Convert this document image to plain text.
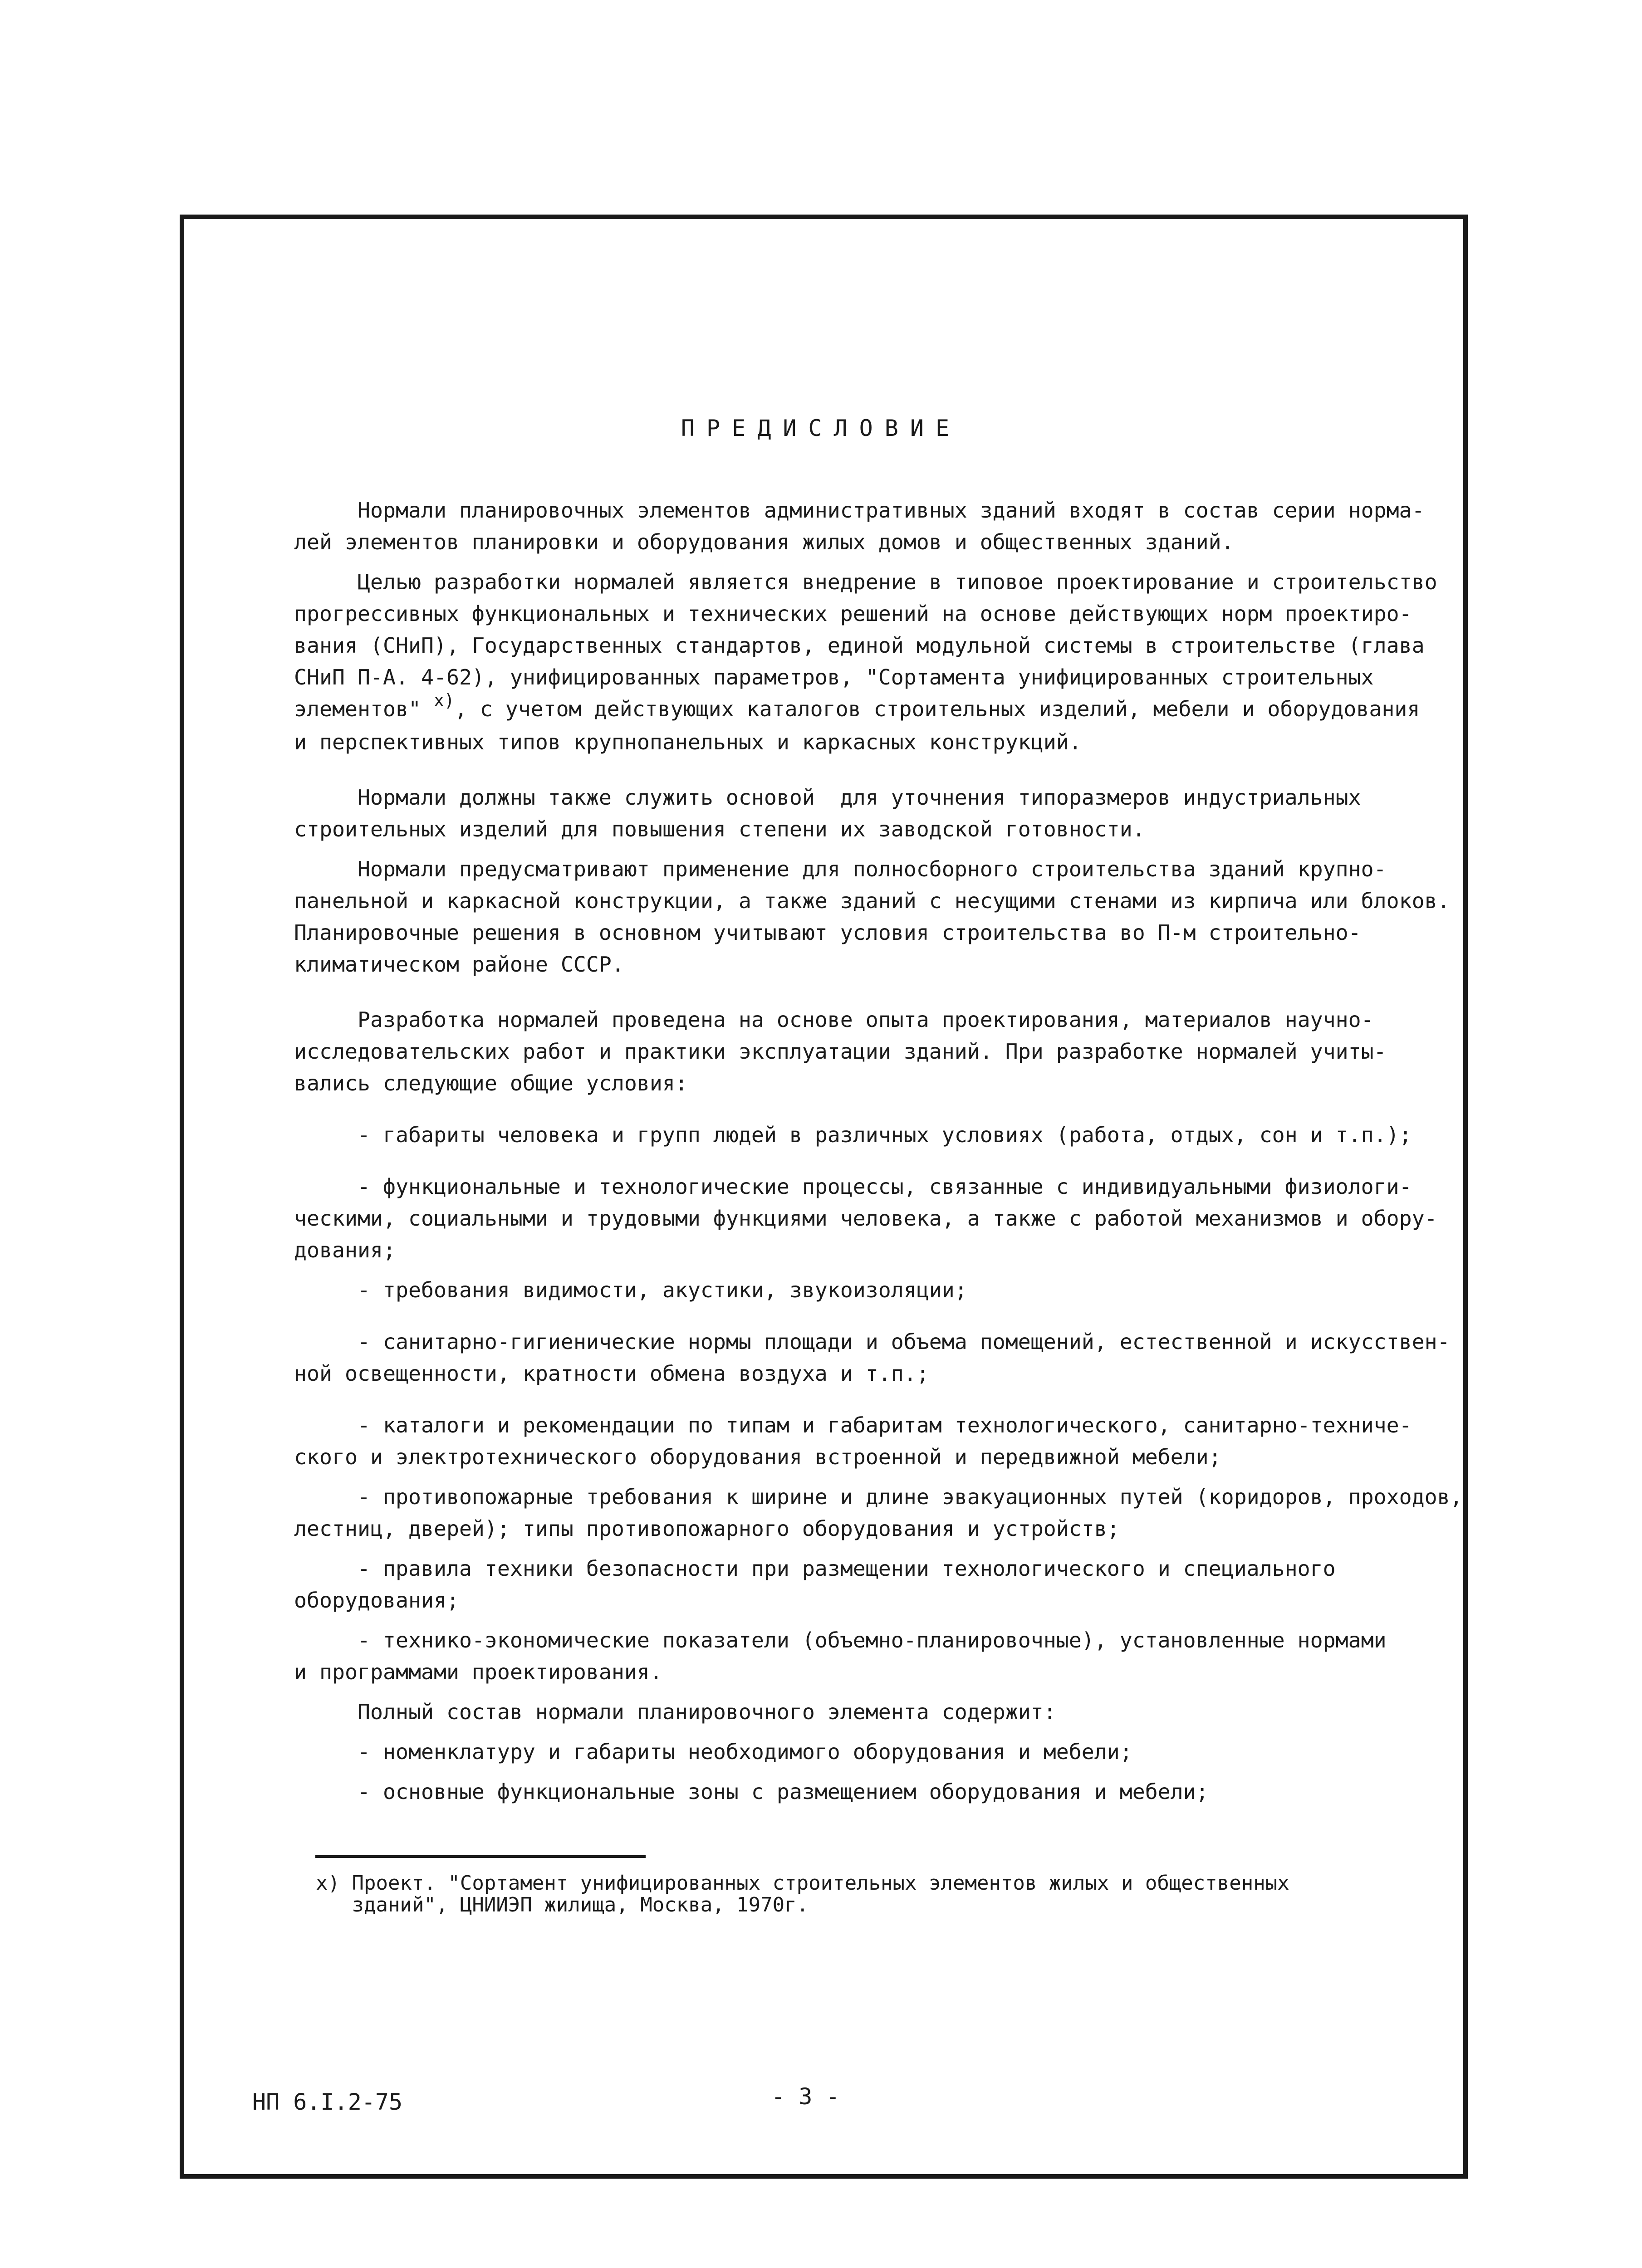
ПРЕДИСЛОВИЕ

Нормали планировочных элементов административных зданий входят в состав серии норма-

лей элементов планировки и оборудования жилых домов и общественных зданий.

Целью разработки нормалей является внедрение в типовое проектирование и строительство

прогрессивных функциональных и технических решений на основе действующих норм проектиро-

вания (СНиП), Государственных стандартов, единой модульной системы в строительстве (глава

СНиП П-А. 4-62), унифицированных параметров, "Сортамента унифицированных строительных

элементов" $^{х)}$, с учетом действующих каталогов строительных изделий, мебели и оборудования

и перспективных типов крупнопанельных и каркасных конструкций.

Нормали должны также служить основой  для уточнения типоразмеров индустриальных

строительных изделий для повышения степени их заводской готовности.

Нормали предусматривают применение для полносборного строительства зданий крупно-

панельной и каркасной конструкции, а также зданий с несущими стенами из кирпича или блоков.

Планировочные решения в основном учитывают условия строительства во П-м строительно-

климатическом районе СССР.

Разработка нормалей проведена на основе опыта проектирования, материалов научно-

исследовательских работ и практики эксплуатации зданий. При разработке нормалей учиты-

вались следующие общие условия:

- габариты человека и групп людей в различных условиях (работа, отдых, сон и т.п.);

- функциональные и технологические процессы, связанные с индивидуальными физиологи-

ческими, социальными и трудовыми функциями человека, а также с работой механизмов и обору-

дования;

- требования видимости, акустики, звукоизоляции;

- санитарно-гигиенические нормы площади и объема помещений, естественной и искусствен-

ной освещенности, кратности обмена воздуха и т.п.;

- каталоги и рекомендации по типам и габаритам технологического, санитарно-техниче-

ского и электротехнического оборудования встроенной и передвижной мебели;

- противопожарные требования к ширине и длине эвакуационных путей (коридоров, проходов,

лестниц, дверей); типы противопожарного оборудования и устройств;

- правила техники безопасности при размещении технологического и специального

оборудования;

- технико-экономические показатели (объемно-планировочные), установленные нормами

и программами проектирования.

Полный состав нормали планировочного элемента содержит:

- номенклатуру и габариты необходимого оборудования и мебели;

- основные функциональные зоны с размещением оборудования и мебели;

х) Проект. "Сортамент унифицированных строительных элементов жилых и общественных

зданий", ЦНИИЭП жилища, Москва, 1970г.

НП 6.I.2-75	- 3 -
